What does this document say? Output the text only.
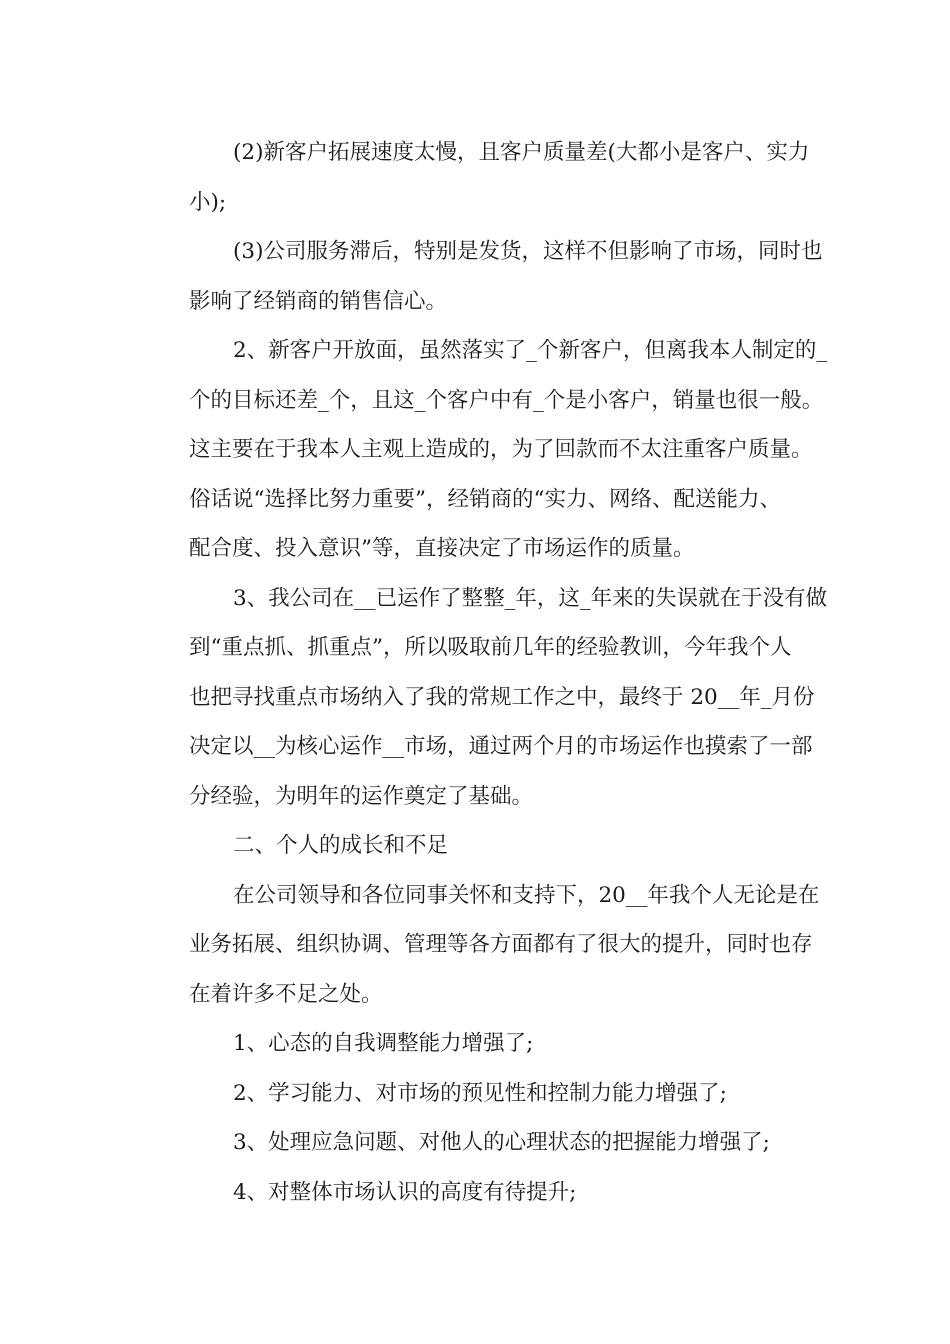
(2)新客户拓展速度太慢，且客户质量差(大都小是客户、实力
小);
(3)公司服务滞后，特别是发货，这样不但影响了市场，同时也
影响了经销商的销售信心。
2、新客户开放面，虽然落实了_个新客户，但离我本人制定的_
个的目标还差_个，且这_个客户中有_个是小客户，销量也很一般。
这主要在于我本人主观上造成的，为了回款而不太注重客户质量。
俗话说“选择比努力重要”，经销商的“实力、网络、配送能力、
配合度、投入意识”等，直接决定了市场运作的质量。
3、我公司在__已运作了整整_年，这_年来的失误就在于没有做
到“重点抓、抓重点”，所以吸取前几年的经验教训，今年我个人
也把寻找重点市场纳入了我的常规工作之中，最终于 20__年_月份
决定以__为核心运作__市场，通过两个月的市场运作也摸索了一部
分经验，为明年的运作奠定了基础。
二、个人的成长和不足
在公司领导和各位同事关怀和支持下，20__年我个人无论是在
业务拓展、组织协调、管理等各方面都有了很大的提升，同时也存
在着许多不足之处。
1、心态的自我调整能力增强了;
2、学习能力、对市场的预见性和控制力能力增强了;
3、处理应急问题、对他人的心理状态的把握能力增强了;
4、对整体市场认识的高度有待提升;
